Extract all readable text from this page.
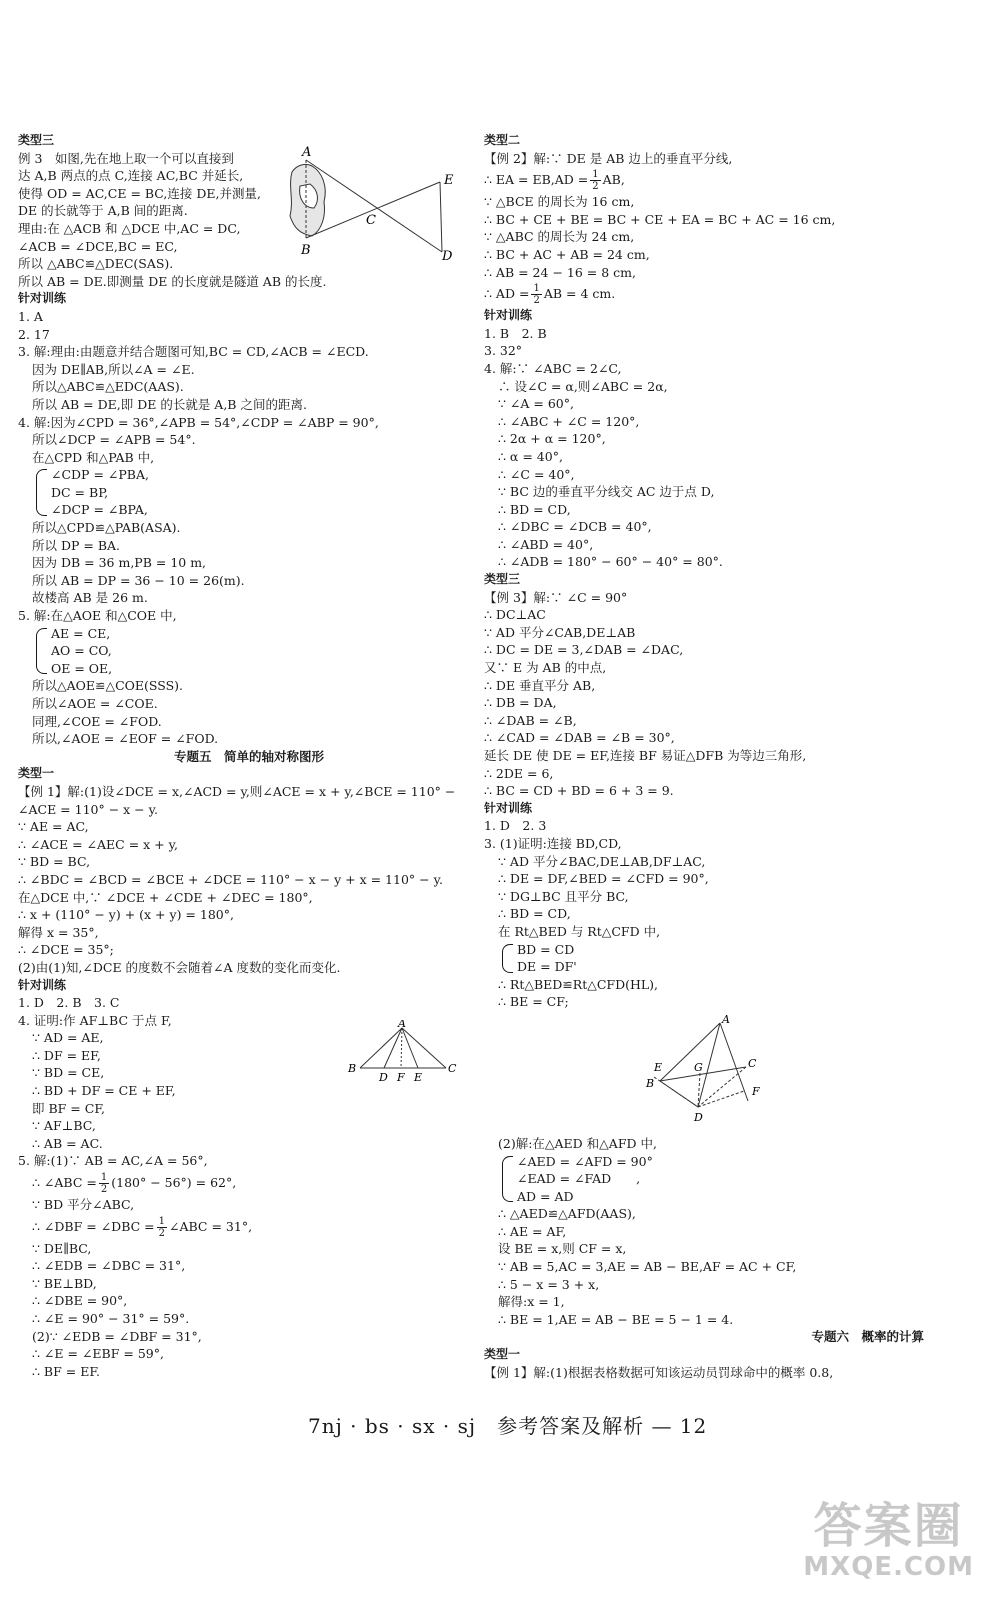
类型三
例 3　如图,先在地上取一个可以直接到
达 A,B 两点的点 C,连接 AC,BC 并延长,
使得 OD = AC,CE = BC,连接 DE,并测量,
DE 的长就等于 A,B 间的距离.
理由:在 △ACB 和 △DCE 中,AC = DC,
∠ACB = ∠DCE,BC = EC,
所以 △ABC≌△DEC(SAS).
所以 AB = DE.即测量 DE 的长度就是隧道 AB 的长度.
针对训练
1. A
2. 17
3. 解:理由:由题意并结合题图可知,BC = CD,∠ACB = ∠ECD.
因为 DE∥AB,所以∠A = ∠E.
所以△ABC≌△EDC(AAS).
所以 AB = DE,即 DE 的长就是 A,B 之间的距离.
4. 解:因为∠CPD = 36°,∠APB = 54°,∠CDP = ∠ABP = 90°,
所以∠DCP = ∠APB = 54°.
在△CPD 和△PAB 中,
∠CDP = ∠PBA,
DC = BP,
∠DCP = ∠BPA,
所以△CPD≌△PAB(ASA).
所以 DP = BA.
因为 DB = 36 m,PB = 10 m,
所以 AB = DP = 36 − 10 = 26(m).
故楼高 AB 是 26 m.
5. 解:在△AOE 和△COE 中,
AE = CE,
AO = CO,
OE = OE,
所以△AOE≌△COE(SSS).
所以∠AOE = ∠COE.
同理,∠COE = ∠FOD.
所以,∠AOE = ∠EOF = ∠FOD.
专题五　简单的轴对称图形
类型一
【例 1】解:(1)设∠DCE = x,∠ACD = y,则∠ACE = x + y,∠BCE = 110° −
∠ACE = 110° − x − y.
∵ AE = AC,
∴ ∠ACE = ∠AEC = x + y,
∵ BD = BC,
∴ ∠BDC = ∠BCD = ∠BCE + ∠DCE = 110° − x − y + x = 110° − y.
在△DCE 中,∵ ∠DCE + ∠CDE + ∠DEC = 180°,
∴ x + (110° − y) + (x + y) = 180°,
解得 x = 35°,
∴ ∠DCE = 35°;
(2)由(1)知,∠DCE 的度数不会随着∠A 度数的变化而变化.
针对训练
1. D　2. B　3. C
4. 证明:作 AF⊥BC 于点 F,
∵ AD = AE,
∴ DF = EF,
∵ BD = CE,
∴ BD + DF = CE + EF,
即 BF = CF,
∵ AF⊥BC,
∴ AB = AC.
5. 解:(1)∵ AB = AC,∠A = 56°,
∴ ∠ABC = $\frac{1}{2} (180^\circ - 56^\circ) = 62^\circ$,
∵ BD 平分∠ABC,
∴ ∠DBF = ∠DBC = $\frac{1}{2}$ ∠ABC = 31°,
∵ DE∥BC,
∴ ∠EDB = ∠DBC = 31°,
∵ BE⊥BD,
∴ ∠DBE = 90°,
∴ ∠E = 90° − 31° = 59°.
(2)∵ ∠EDB = ∠DBF = 31°,
∴ ∠E = ∠EBF = 59°,
∴ BF = EF.
A
B
C
D
E
A
B	C
D F E
类型二
【例 2】解:∵ DE 是 AB 边上的垂直平分线,
∴ EA = $EB,AD = \frac{1}{2}$ AB,
∵ △BCE 的周长为 16 cm,
∴ BC + CE + BE = BC + CE + EA = BC + AC = 16 cm,
∵ △ABC 的周长为 24 cm,
∴ BC + AC + AB = 24 cm,
∴ AB = 24 − 16 = 8 cm,
∴ AD = $\frac{1}{2}$ AB = 4 cm.
针对训练
1. B　2. B
3. 32°
4. 解:∵ ∠ABC = 2∠C,
∴ 设∠C = α,则∠ABC = 2α,
∵ ∠A = 60°,
∴ ∠ABC + ∠C = 120°,
∴ 2α + α = 120°,
∴ α = 40°,
∴ ∠C = 40°,
∵ BC 边的垂直平分线交 AC 边于点 D,
∴ BD = CD,
∴ ∠DBC = ∠DCB = 40°,
∴ ∠ABD = 40°,
∴ ∠ADB = 180° − 60° − 40° = 80°.
类型三
【例 3】解:∵ ∠C = 90°
∴ DC⊥AC
∵ AD 平分∠CAB,DE⊥AB
∴ DC = DE = 3,∠DAB = ∠DAC,
又∵ E 为 AB 的中点,
∴ DE 垂直平分 AB,
∴ DB = DA,
∴ ∠DAB = ∠B,
∴ ∠CAD = ∠DAB = ∠B = 30°,
延长 DE 使 DE = EF,连接 BF 易证△DFB 为等边三角形,
∴ 2DE = 6,
∴ BC = CD + BD = 6 + 3 = 9.
针对训练
1. D　2. 3
3. (1)证明:连接 BD,CD,
∵ AD 平分∠BAC,DE⊥AB,DF⊥AC,
∴ DE = DF,∠BED = ∠CFD = 90°,
∵ DG⊥BC 且平分 BC,
∴ BD = CD,
在 Rt△BED 与 Rt△CFD 中,
BD = CD
DE = DF'
∴ Rt△BED≌Rt△CFD(HL),
∴ BE = CF;
A
B
C
D
E
F
G
(2)解:在△AED 和△AFD 中,
∠AED = ∠AFD = 90°
∠EAD = ∠FAD　　,
AD = AD
∴ △AED≌△AFD(AAS),
∴ AE = AF,
设 BE = x,则 CF = x,
∵ AB = 5,AC = 3,AE = AB − BE,AF = AC + CF,
∴ 5 − x = 3 + x,
解得:x = 1,
∴ BE = 1,AE = AB − BE = 5 − 1 = 4.
专题六　概率的计算
类型一
【例 1】解:(1)根据表格数据可知该运动员罚球命中的概率 0.8,
7nj · bs · sx · sj　参考答案及解析 — 12
答案圈
MXQE.COM
